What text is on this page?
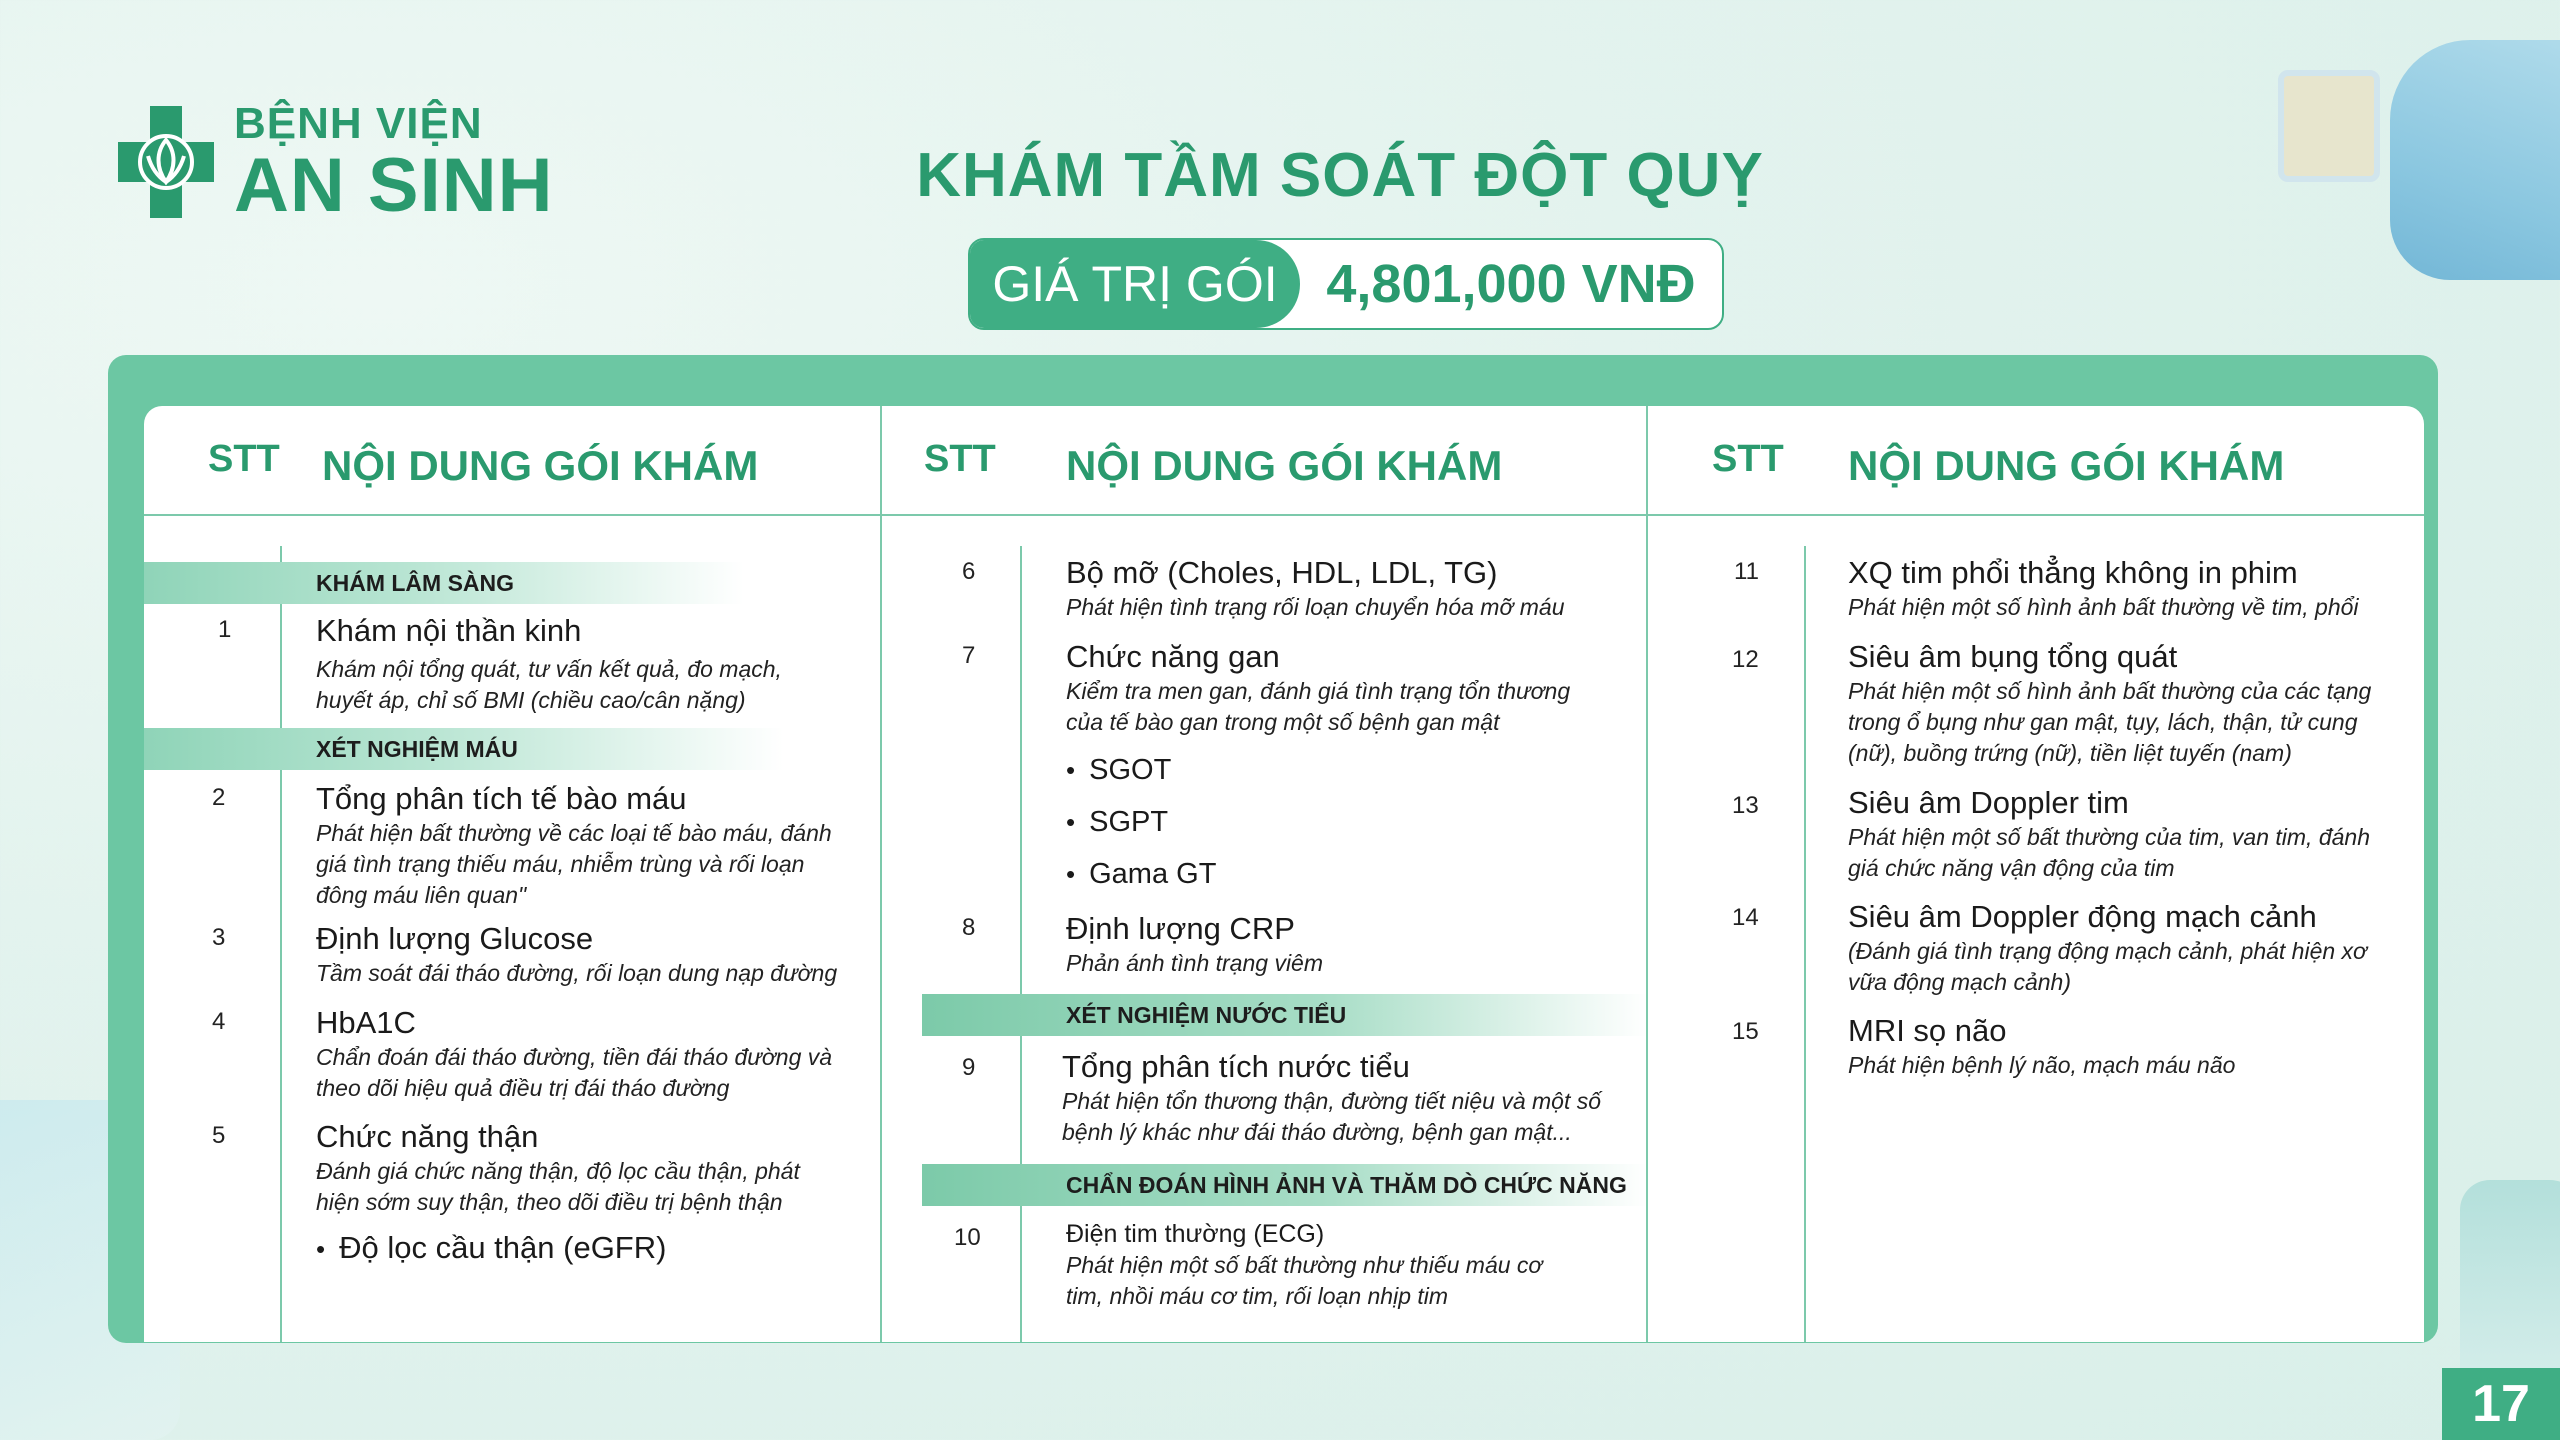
BỆNH VIỆN
AN SINH	KHÁM TẦM SOÁT ĐỘT QUỴ
GIÁ TRỊ GÓI 4,801,000 VNĐ
STT NỘI DUNG GÓI KHÁM
KHÁM LÂM SÀNG
1	Khám nội thần kinh
Khám nội tổng quát, tư vấn kết quả, đo mạch,
huyết áp, chỉ số BMI (chiều cao/cân nặng)
XÉT NGHIỆM MÁU
2	Tổng phân tích tế bào máu
Phát hiện bất thường về các loại tế bào máu, đánh
giá tình trạng thiếu máu, nhiễm trùng và rối loạn
đông máu liên quan"
3	Định lượng Glucose
Tầm soát đái tháo đường, rối loạn dung nạp đường
4	HbA1C
Chẩn đoán đái tháo đường, tiền đái tháo đường và
theo dõi hiệu quả điều trị đái tháo đường
5	Chức năng thận
Đánh giá chức năng thận, độ lọc cầu thận, phát
hiện sớm suy thận, theo dõi điều trị bệnh thận
• Độ lọc cầu thận (eGFR)
STT NỘI DUNG GÓI KHÁM
6	Bộ mỡ (Choles, HDL, LDL, TG)
Phát hiện tình trạng rối loạn chuyển hóa mỡ máu
7	Chức năng gan
Kiểm tra men gan, đánh giá tình trạng tổn thương
của tế bào gan trong một số bệnh gan mật
• SGOT
• SGPT
• Gama GT
8	Định lượng CRP
Phản ánh tình trạng viêm
XÉT NGHIỆM NƯỚC TIỂU
9	Tổng phân tích nước tiểu
Phát hiện tổn thương thận, đường tiết niệu và một số
bệnh lý khác như đái tháo đường, bệnh gan mật...
CHẨN ĐOÁN HÌNH ẢNH VÀ THĂM DÒ CHỨC NĂNG
10	Điện tim thường (ECG)
Phát hiện một số bất thường như thiếu máu cơ
tim, nhồi máu cơ tim, rối loạn nhịp tim
STT NỘI DUNG GÓI KHÁM
11	XQ tim phổi thẳng không in phim
Phát hiện một số hình ảnh bất thường về tim, phổi
12	Siêu âm bụng tổng quát
Phát hiện một số hình ảnh bất thường của các tạng
trong ổ bụng như gan mật, tụy, lách, thận, tử cung
(nữ), buồng trứng (nữ), tiền liệt tuyến (nam)
13	Siêu âm Doppler tim
Phát hiện một số bất thường của tim, van tim, đánh
giá chức năng vận động của tim
14	Siêu âm Doppler động mạch cảnh
(Đánh giá tình trạng động mạch cảnh, phát hiện xơ
vữa động mạch cảnh)
15	MRI sọ não
Phát hiện bệnh lý não, mạch máu não
17
